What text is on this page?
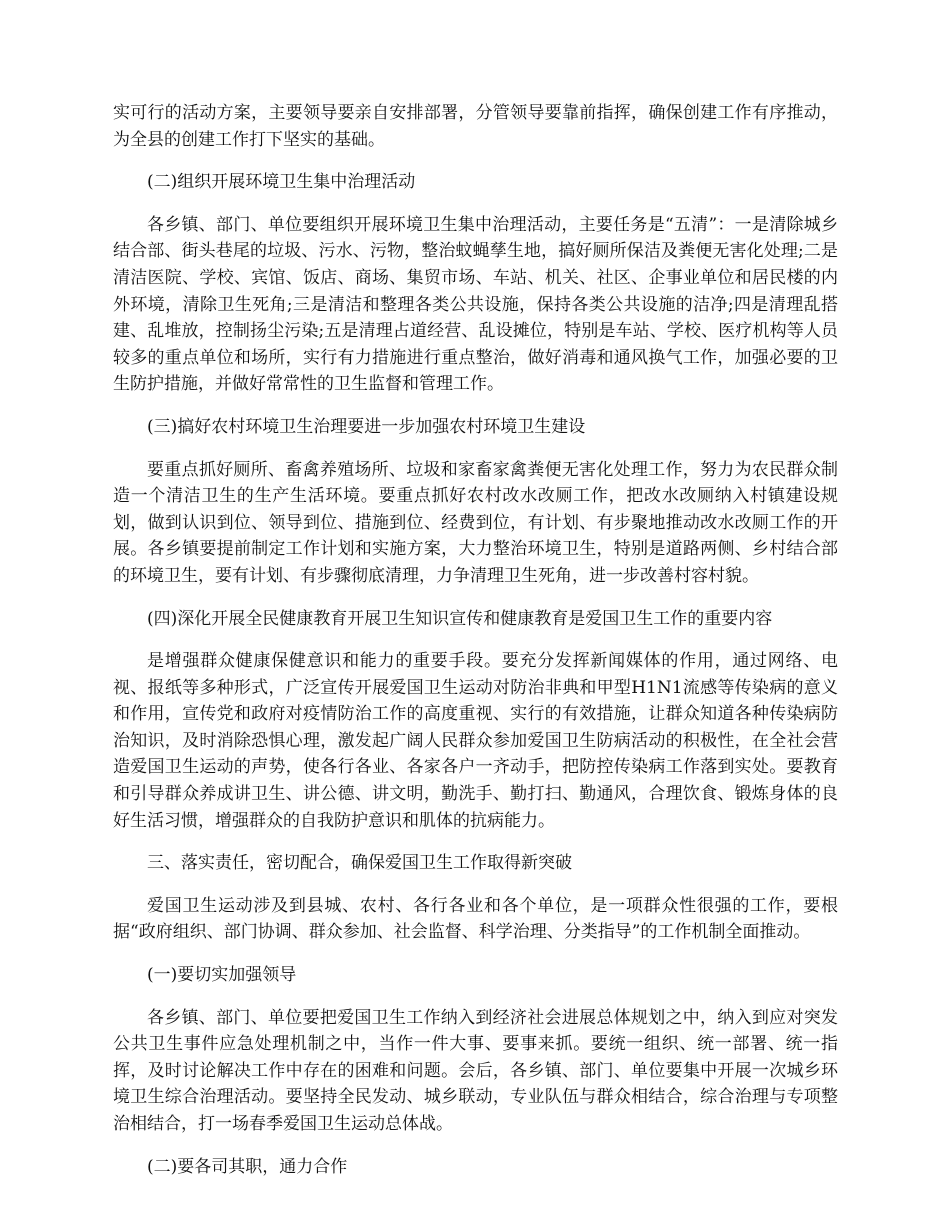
实可行的活动方案，主要领导要亲自安排部署，分管领导要靠前指挥，确保创建工作有序推动，为全县的创建工作打下坚实的基础。

(二)组织开展环境卫生集中治理活动

各乡镇、部门、单位要组织开展环境卫生集中治理活动，主要任务是“五清”：一是清除城乡结合部、街头巷尾的垃圾、污水、污物，整治蚊蝇孳生地，搞好厕所保洁及粪便无害化处理;二是清洁医院、学校、宾馆、饭店、商场、集贸市场、车站、机关、社区、企事业单位和居民楼的内外环境，清除卫生死角;三是清洁和整理各类公共设施，保持各类公共设施的洁净;四是清理乱搭建、乱堆放，控制扬尘污染;五是清理占道经营、乱设摊位，特别是车站、学校、医疗机构等人员较多的重点单位和场所，实行有力措施进行重点整治，做好消毒和通风换气工作，加强必要的卫生防护措施，并做好常常性的卫生监督和管理工作。

(三)搞好农村环境卫生治理要进一步加强农村环境卫生建设

要重点抓好厕所、畜禽养殖场所、垃圾和家畜家禽粪便无害化处理工作，努力为农民群众制造一个清洁卫生的生产生活环境。要重点抓好农村改水改厕工作，把改水改厕纳入村镇建设规划，做到认识到位、领导到位、措施到位、经费到位，有计划、有步聚地推动改水改厕工作的开展。各乡镇要提前制定工作计划和实施方案，大力整治环境卫生，特别是道路两侧、乡村结合部的环境卫生，要有计划、有步骤彻底清理，力争清理卫生死角，进一步改善村容村貌。

(四)深化开展全民健康教育开展卫生知识宣传和健康教育是爱国卫生工作的重要内容

是增强群众健康保健意识和能力的重要手段。要充分发挥新闻媒体的作用，通过网络、电视、报纸等多种形式，广泛宣传开展爱国卫生运动对防治非典和甲型H1N1流感等传染病的意义和作用，宣传党和政府对疫情防治工作的高度重视、实行的有效措施，让群众知道各种传染病防治知识，及时消除恐惧心理，激发起广阔人民群众参加爱国卫生防病活动的积极性，在全社会营造爱国卫生运动的声势，使各行各业、各家各户一齐动手，把防控传染病工作落到实处。要教育和引导群众养成讲卫生、讲公德、讲文明，勤洗手、勤打扫、勤通风，合理饮食、锻炼身体的良好生活习惯，增强群众的自我防护意识和肌体的抗病能力。

三、落实责任，密切配合，确保爱国卫生工作取得新突破

爱国卫生运动涉及到县城、农村、各行各业和各个单位，是一项群众性很强的工作，要根据“政府组织、部门协调、群众参加、社会监督、科学治理、分类指导”的工作机制全面推动。

(一)要切实加强领导

各乡镇、部门、单位要把爱国卫生工作纳入到经济社会进展总体规划之中，纳入到应对突发公共卫生事件应急处理机制之中，当作一件大事、要事来抓。要统一组织、统一部署、统一指挥，及时讨论解决工作中存在的困难和问题。会后，各乡镇、部门、单位要集中开展一次城乡环境卫生综合治理活动。要坚持全民发动、城乡联动，专业队伍与群众相结合，综合治理与专项整治相结合，打一场春季爱国卫生运动总体战。

(二)要各司其职，通力合作
